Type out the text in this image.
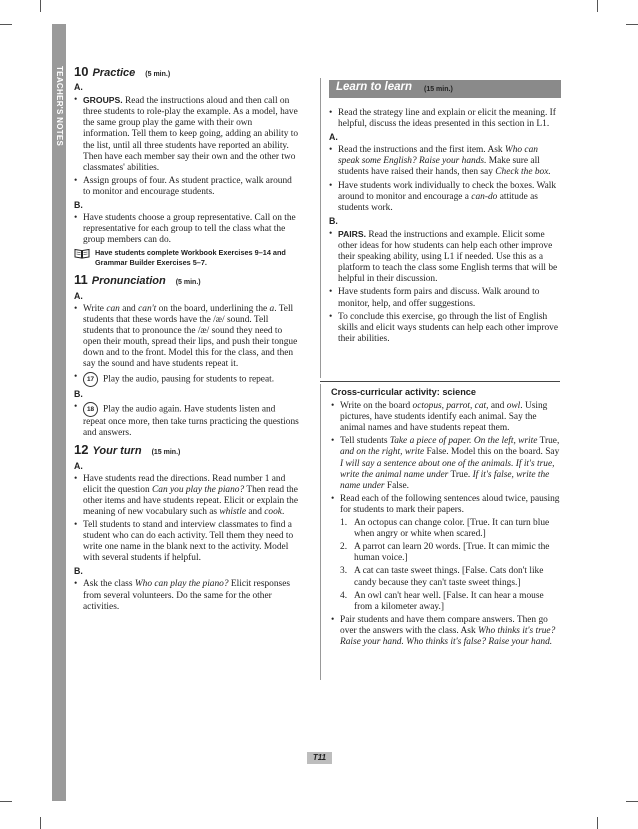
TEACHER'S NOTES 10 Practice (5 min.)
A.
• GROUPS. Read the instructions aloud and then call on three students to role-play the example. As a model, have the same group play the game with their own information. Tell them to keep going, adding an ability to the list, until all three students have reported an ability. Then have each member say their own and the other two classmates' abilities.
• Assign groups of four. As student practice, walk around to monitor and encourage students.
B.
• Have students choose a group representative. Call on the representative for each group to tell the class what the group members can do.
Have students complete Workbook Exercises 9–14 and Grammar Builder Exercises 5–7.
11 Pronunciation (5 min.)
A.
• Write can and can't on the board, underlining the a. Tell students that these words have the /æ/ sound. Tell students that to pronounce the /æ/ sound they need to open their mouth, spread their lips, and push their tongue down and to the front. Model this for the class, and then say the sound and have students repeat it.
• 17 Play the audio, pausing for students to repeat.
B.
• 18 Play the audio again. Have students listen and repeat once more, then take turns practicing the questions and answers.
12 Your turn (15 min.)
A.
• Have students read the directions. Read number 1 and elicit the question Can you play the piano? Then read the other items and have students repeat. Elicit or explain the meaning of new vocabulary such as whistle and cook.
• Tell students to stand and interview classmates to find a student who can do each activity. Tell them they need to write one name in the blank next to the activity. Model with several students if helpful.
B.
• Ask the class Who can play the piano? Elicit responses from several volunteers. Do the same for the other activities.
Learn to learn (15 min.)
• Read the strategy line and explain or elicit the meaning. If helpful, discuss the ideas presented in this section in L1.
A.
• Read the instructions and the first item. Ask Who can speak some English? Raise your hands. Make sure all students have raised their hands, then say Check the box.
• Have students work individually to check the boxes. Walk around to monitor and encourage a can-do attitude as students work.
B.
• PAIRS. Read the instructions and example. Elicit some other ideas for how students can help each other improve their speaking ability, using L1 if needed. Use this as a platform to teach the class some English terms that will be helpful in their discussion.
• Have students form pairs and discuss. Walk around to monitor, help, and offer suggestions.
• To conclude this exercise, go through the list of English skills and elicit ways students can help each other improve their abilities.
Cross-curricular activity: science
• Write on the board octopus, parrot, cat, and owl. Using pictures, have students identify each animal. Say the animal names and have students repeat them.
• Tell students Take a piece of paper. On the left, write True, and on the right, write False. Model this on the board. Say I will say a sentence about one of the animals. If it's true, write the animal name under True. If it's false, write the name under False.
• Read each of the following sentences aloud twice, pausing for students to mark their papers.
1. An octopus can change color. [True. It can turn blue when angry or white when scared.]
2. A parrot can learn 20 words. [True. It can mimic the human voice.]
3. A cat can taste sweet things. [False. Cats don't like candy because they can't taste sweet things.]
4. An owl can't hear well. [False. It can hear a mouse from a kilometer away.]
• Pair students and have them compare answers. Then go over the answers with the class. Ask Who thinks it's true? Raise your hand. Who thinks it's false? Raise your hand.
T11
